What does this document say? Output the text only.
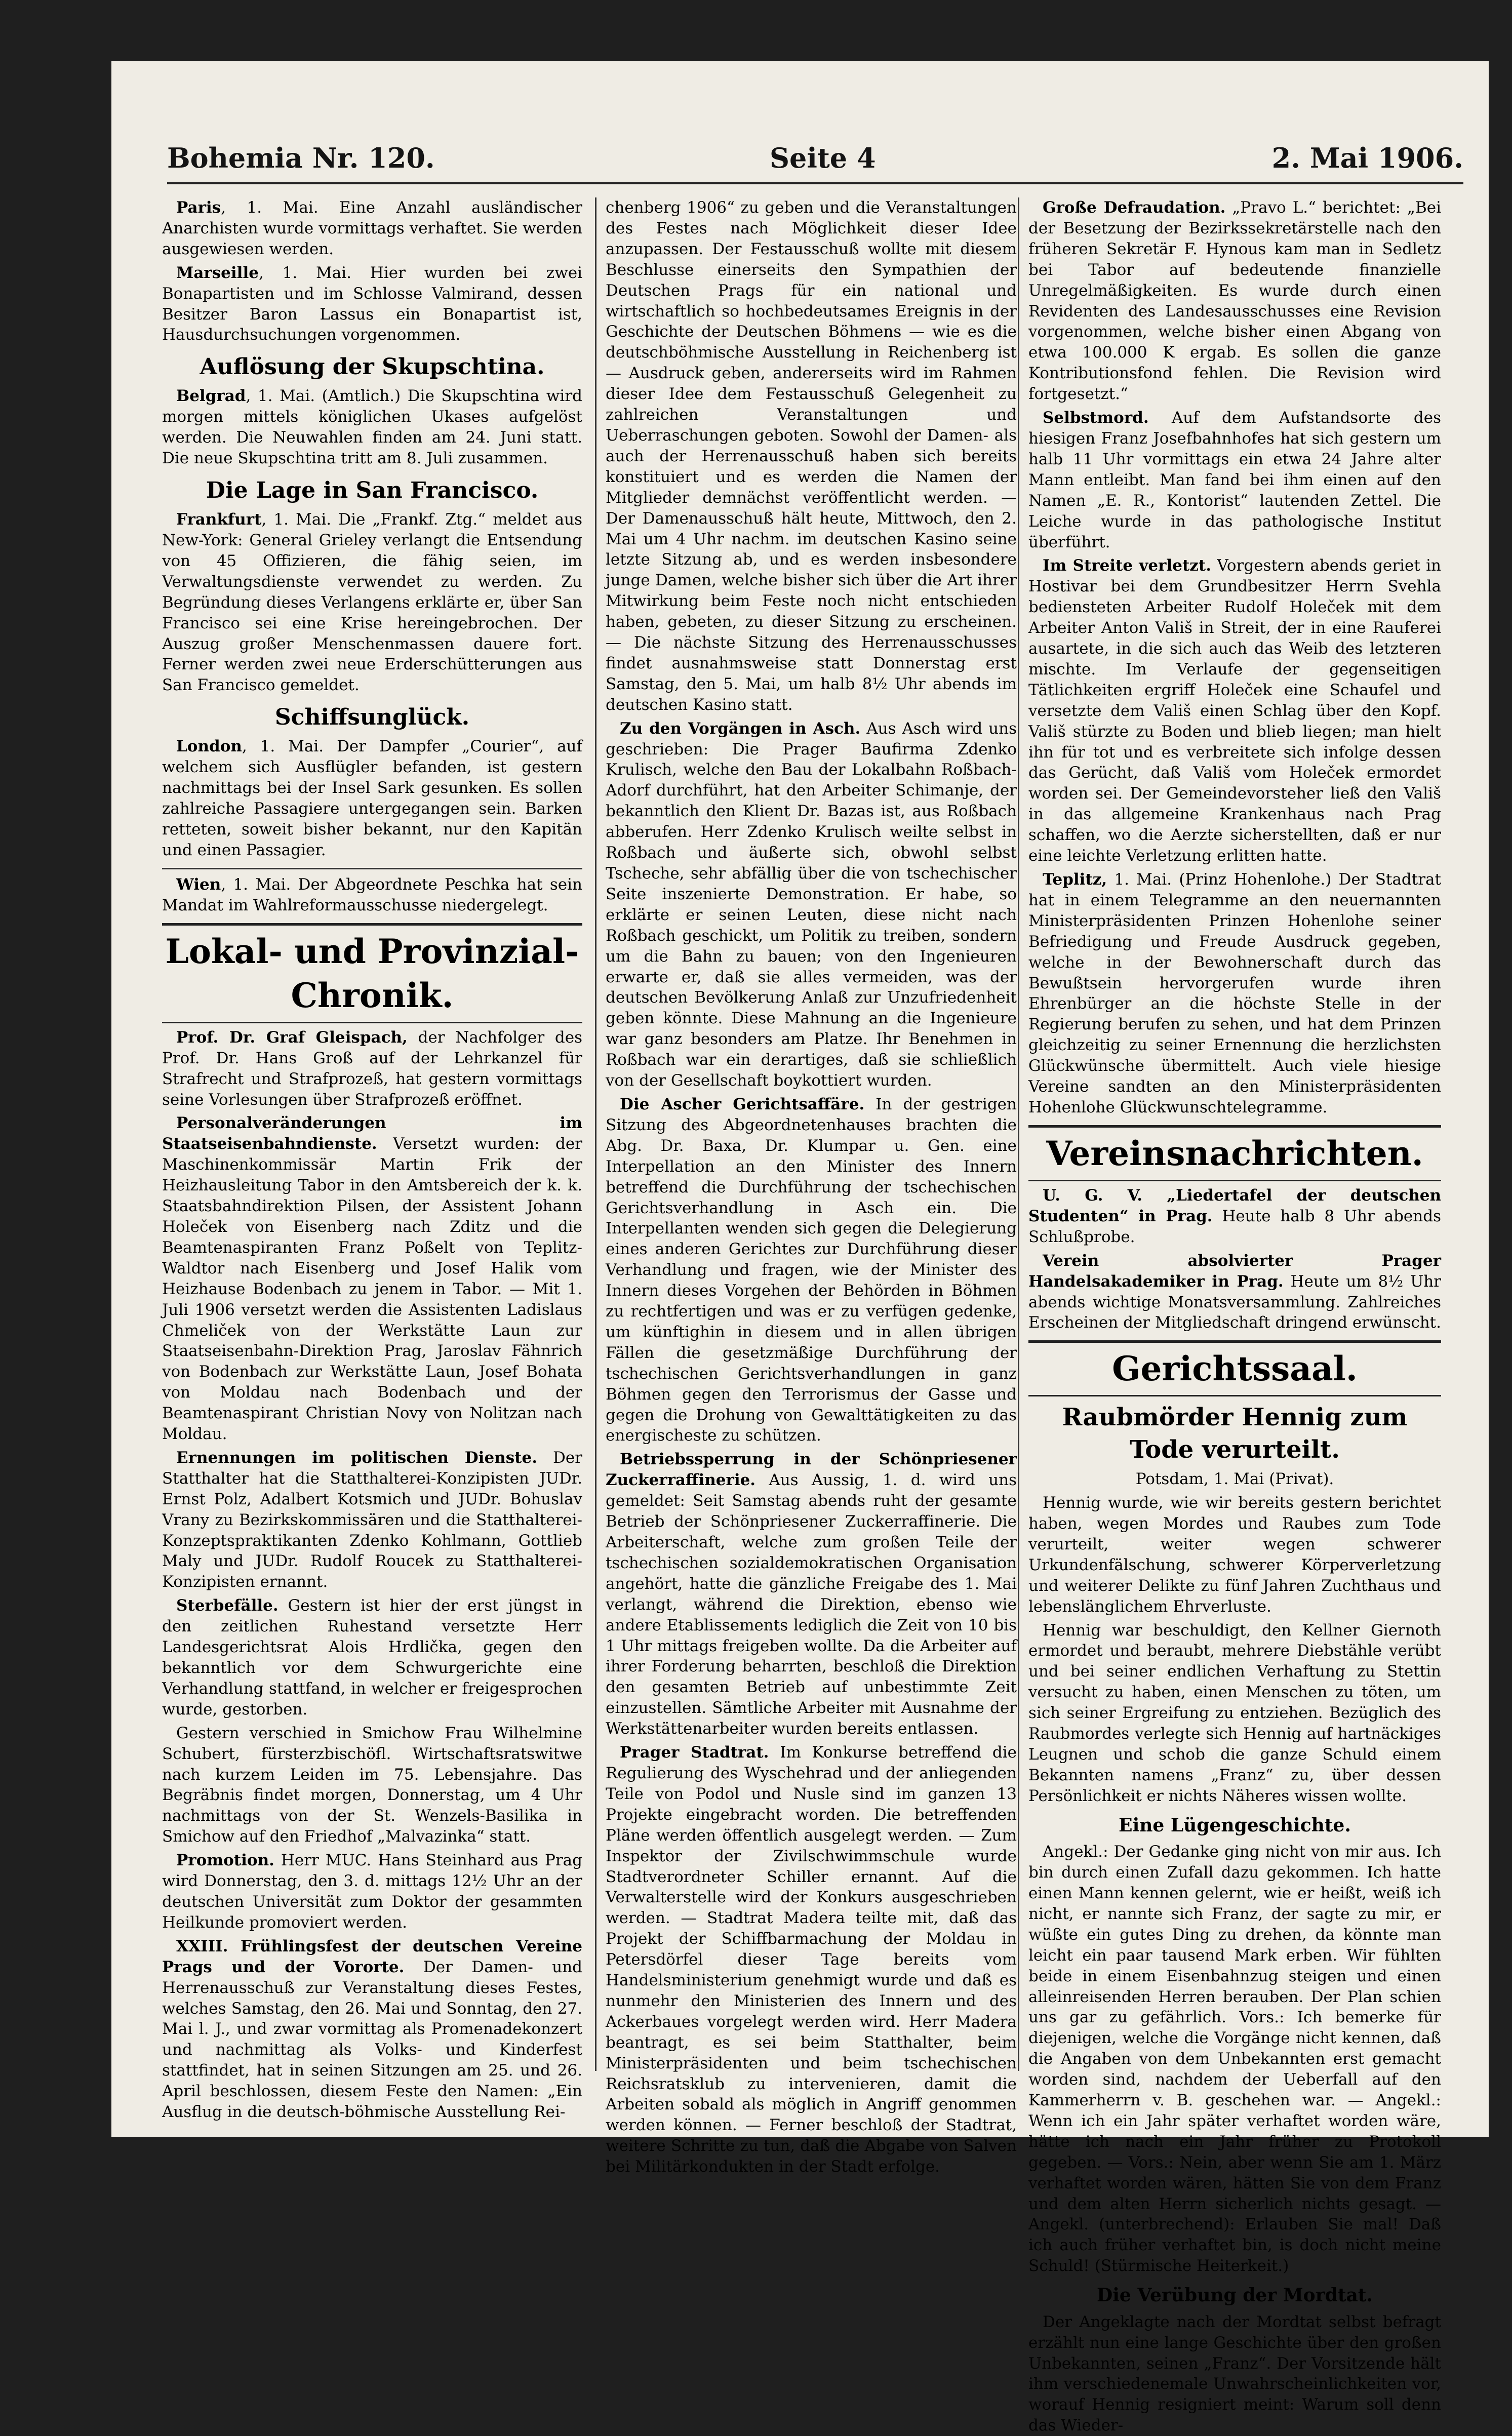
Bohemia Nr. 120.	Seite 4	2. Mai 1906.

Paris, 1. Mai. Eine Anzahl ausländischer Anarchisten wurde vormittags verhaftet. Sie werden ausgewiesen werden.

Marseille, 1. Mai. Hier wurden bei zwei Bonapartisten und im Schlosse Valmirand, dessen Besitzer Baron Lassus ein Bonapartist ist, Hausdurchsuchungen vorgenommen.

Auflösung der Skupschtina.

Belgrad, 1. Mai. (Amtlich.) Die Skupschtina wird morgen mittels königlichen Ukases aufgelöst werden. Die Neuwahlen finden am 24. Juni statt. Die neue Skupschtina tritt am 8. Juli zusammen.

Die Lage in San Francisco.

Frankfurt, 1. Mai. Die „Frankf. Ztg.“ meldet aus New-York: General Grieley verlangt die Entsendung von 45 Offizieren, die fähig seien, im Verwaltungsdienste verwendet zu werden. Zu Begründung dieses Verlangens erklärte er, über San Francisco sei eine Krise hereingebrochen. Der Auszug großer Menschenmassen dauere fort. Ferner werden zwei neue Erderschütterungen aus San Francisco gemeldet.

Schiffsunglück.

London, 1. Mai. Der Dampfer „Courier“, auf welchem sich Ausflügler befanden, ist gestern nachmittags bei der Insel Sark gesunken. Es sollen zahlreiche Passagiere untergegangen sein. Barken retteten, soweit bisher bekannt, nur den Kapitän und einen Passagier.

Wien, 1. Mai. Der Abgeordnete Peschka hat sein Mandat im Wahlreformausschusse niedergelegt.

Lokal- und Provinzial-Chronik.

Prof. Dr. Graf Gleispach, der Nachfolger des Prof. Dr. Hans Groß auf der Lehrkanzel für Strafrecht und Strafprozeß, hat gestern vormittags seine Vorlesungen über Strafprozeß eröffnet.

Personalveränderungen im Staatseisenbahndienste. Versetzt wurden: der Maschinenkommissär Martin Frik der Heizhausleitung Tabor in den Amtsbereich der k. k. Staatsbahndirektion Pilsen, der Assistent Johann Holeček von Eisenberg nach Zditz und die Beamtenaspiranten Franz Poßelt von Teplitz-Waldtor nach Eisenberg und Josef Halik vom Heizhause Bodenbach zu jenem in Tabor. — Mit 1. Juli 1906 versetzt werden die Assistenten Ladislaus Chmeliček von der Werkstätte Laun zur Staatseisenbahn-Direktion Prag, Jaroslav Fähnrich von Bodenbach zur Werkstätte Laun, Josef Bohata von Moldau nach Bodenbach und der Beamtenaspirant Christian Novy von Nolitzan nach Moldau.

Ernennungen im politischen Dienste. Der Statthalter hat die Statthalterei-Konzipisten JUDr. Ernst Polz, Adalbert Kotsmich und JUDr. Bohuslav Vrany zu Bezirkskommissären und die Statthalterei-Konzeptspraktikanten Zdenko Kohlmann, Gottlieb Maly und JUDr. Rudolf Roucek zu Statthalterei-Konzipisten ernannt.

Sterbefälle. Gestern ist hier der erst jüngst in den zeitlichen Ruhestand versetzte Herr Landesgerichtsrat Alois Hrdlička, gegen den bekanntlich vor dem Schwurgerichte eine Verhandlung stattfand, in welcher er freigesprochen wurde, gestorben.

Gestern verschied in Smichow Frau Wilhelmine Schubert, fürsterzbischöfl. Wirtschaftsratswitwe nach kurzem Leiden im 75. Lebensjahre. Das Begräbnis findet morgen, Donnerstag, um 4 Uhr nachmittags von der St. Wenzels-Basilika in Smichow auf den Friedhof „Malvazinka“ statt.

Promotion. Herr MUC. Hans Steinhard aus Prag wird Donnerstag, den 3. d. mittags 12½ Uhr an der deutschen Universität zum Doktor der gesammten Heilkunde promoviert werden.

XXIII. Frühlingsfest der deutschen Vereine Prags und der Vororte. Der Damen- und Herrenausschuß zur Veranstaltung dieses Festes, welches Samstag, den 26. Mai und Sonntag, den 27. Mai l. J., und zwar vormittag als Promenadekonzert und nachmittag als Volks- und Kinderfest stattfindet, hat in seinen Sitzungen am 25. und 26. April beschlossen, diesem Feste den Namen: „Ein Ausflug in die deutsch-böhmische Ausstellung Rei-

chenberg 1906“ zu geben und die Veranstaltungen des Festes nach Möglichkeit dieser Idee anzupassen. Der Festausschuß wollte mit diesem Beschlusse einerseits den Sympathien der Deutschen Prags für ein national und wirtschaftlich so hochbedeutsames Ereignis in der Geschichte der Deutschen Böhmens — wie es die deutschböhmische Ausstellung in Reichenberg ist — Ausdruck geben, andererseits wird im Rahmen dieser Idee dem Festausschuß Gelegenheit zu zahlreichen Veranstaltungen und Ueberraschungen geboten. Sowohl der Damen- als auch der Herrenausschuß haben sich bereits konstituiert und es werden die Namen der Mitglieder demnächst veröffentlicht werden. — Der Damenausschuß hält heute, Mittwoch, den 2. Mai um 4 Uhr nachm. im deutschen Kasino seine letzte Sitzung ab, und es werden insbesondere junge Damen, welche bisher sich über die Art ihrer Mitwirkung beim Feste noch nicht entschieden haben, gebeten, zu dieser Sitzung zu erscheinen. — Die nächste Sitzung des Herrenausschusses findet ausnahmsweise statt Donnerstag erst Samstag, den 5. Mai, um halb 8½ Uhr abends im deutschen Kasino statt.

Zu den Vorgängen in Asch. Aus Asch wird uns geschrieben: Die Prager Baufirma Zdenko Krulisch, welche den Bau der Lokalbahn Roßbach-Adorf durchführt, hat den Arbeiter Schimanje, der bekanntlich den Klient Dr. Bazas ist, aus Roßbach abberufen. Herr Zdenko Krulisch weilte selbst in Roßbach und äußerte sich, obwohl selbst Tscheche, sehr abfällig über die von tschechischer Seite inszenierte Demonstration. Er habe, so erklärte er seinen Leuten, diese nicht nach Roßbach geschickt, um Politik zu treiben, sondern um die Bahn zu bauen; von den Ingenieuren erwarte er, daß sie alles vermeiden, was der deutschen Bevölkerung Anlaß zur Unzufriedenheit geben könnte. Diese Mahnung an die Ingenieure war ganz besonders am Platze. Ihr Benehmen in Roßbach war ein derartiges, daß sie schließlich von der Gesellschaft boykottiert wurden.

Die Ascher Gerichtsaffäre. In der gestrigen Sitzung des Abgeordnetenhauses brachten die Abg. Dr. Baxa, Dr. Klumpar u. Gen. eine Interpellation an den Minister des Innern betreffend die Durchführung der tschechischen Gerichtsverhandlung in Asch ein. Die Interpellanten wenden sich gegen die Delegierung eines anderen Gerichtes zur Durchführung dieser Verhandlung und fragen, wie der Minister des Innern dieses Vorgehen der Behörden in Böhmen zu rechtfertigen und was er zu verfügen gedenke, um künftighin in diesem und in allen übrigen Fällen die gesetzmäßige Durchführung der tschechischen Gerichtsverhandlungen in ganz Böhmen gegen den Terrorismus der Gasse und gegen die Drohung von Gewalttätigkeiten zu das energischeste zu schützen.

Betriebssperrung in der Schönpriesener Zuckerraffinerie. Aus Aussig, 1. d. wird uns gemeldet: Seit Samstag abends ruht der gesamte Betrieb der Schönpriesener Zuckerraffinerie. Die Arbeiterschaft, welche zum großen Teile der tschechischen sozialdemokratischen Organisation angehört, hatte die gänzliche Freigabe des 1. Mai verlangt, während die Direktion, ebenso wie andere Etablissements lediglich die Zeit von 10 bis 1 Uhr mittags freigeben wollte. Da die Arbeiter auf ihrer Forderung beharrten, beschloß die Direktion den gesamten Betrieb auf unbestimmte Zeit einzustellen. Sämtliche Arbeiter mit Ausnahme der Werkstättenarbeiter wurden bereits entlassen.

Prager Stadtrat. Im Konkurse betreffend die Regulierung des Wyschehrad und der anliegenden Teile von Podol und Nusle sind im ganzen 13 Projekte eingebracht worden. Die betreffenden Pläne werden öffentlich ausgelegt werden. — Zum Inspektor der Zivilschwimmschule wurde Stadtverordneter Schiller ernannt. Auf die Verwalterstelle wird der Konkurs ausgeschrieben werden. — Stadtrat Madera teilte mit, daß das Projekt der Schiffbarmachung der Moldau in Petersdörfel dieser Tage bereits vom Handelsministerium genehmigt wurde und daß es nunmehr den Ministerien des Innern und des Ackerbaues vorgelegt werden wird. Herr Madera beantragt, es sei beim Statthalter, beim Ministerpräsidenten und beim tschechischen Reichsratsklub zu intervenieren, damit die Arbeiten sobald als möglich in Angriff genommen werden können. — Ferner beschloß der Stadtrat, weitere Schritte zu tun, daß die Abgabe von Salven bei Militärkondukten in der Stadt erfolge.

Große Defraudation. „Pravo L.“ berichtet: „Bei der Besetzung der Bezirkssekretärstelle nach den früheren Sekretär F. Hynous kam man in Sedletz bei Tabor auf bedeutende finanzielle Unregelmäßigkeiten. Es wurde durch einen Revidenten des Landesausschusses eine Revision vorgenommen, welche bisher einen Abgang von etwa 100.000 K ergab. Es sollen die ganze Kontributionsfond fehlen. Die Revision wird fortgesetzt.“

Selbstmord. Auf dem Aufstandsorte des hiesigen Franz Josefbahnhofes hat sich gestern um halb 11 Uhr vormittags ein etwa 24 Jahre alter Mann entleibt. Man fand bei ihm einen auf den Namen „E. R., Kontorist“ lautenden Zettel. Die Leiche wurde in das pathologische Institut überführt.

Im Streite verletzt. Vorgestern abends geriet in Hostivar bei dem Grundbesitzer Herrn Svehla bediensteten Arbeiter Rudolf Holeček mit dem Arbeiter Anton Vališ in Streit, der in eine Rauferei ausartete, in die sich auch das Weib des letzteren mischte. Im Verlaufe der gegenseitigen Tätlichkeiten ergriff Holeček eine Schaufel und versetzte dem Vališ einen Schlag über den Kopf. Vališ stürzte zu Boden und blieb liegen; man hielt ihn für tot und es verbreitete sich infolge dessen das Gerücht, daß Vališ vom Holeček ermordet worden sei. Der Gemeindevorsteher ließ den Vališ in das allgemeine Krankenhaus nach Prag schaffen, wo die Aerzte sicherstellten, daß er nur eine leichte Verletzung erlitten hatte.

Teplitz, 1. Mai. (Prinz Hohenlohe.) Der Stadtrat hat in einem Telegramme an den neuernannten Ministerpräsidenten Prinzen Hohenlohe seiner Befriedigung und Freude Ausdruck gegeben, welche in der Bewohnerschaft durch das Bewußtsein hervorgerufen wurde ihren Ehrenbürger an die höchste Stelle in der Regierung berufen zu sehen, und hat dem Prinzen gleichzeitig zu seiner Ernennung die herzlichsten Glückwünsche übermittelt. Auch viele hiesige Vereine sandten an den Ministerpräsidenten Hohenlohe Glückwunschtelegramme.

Vereinsnachrichten.

U. G. V. „Liedertafel der deutschen Studenten“ in Prag. Heute halb 8 Uhr abends Schlußprobe.

Verein absolvierter Prager Handelsakademiker in Prag. Heute um 8½ Uhr abends wichtige Monatsversammlung. Zahlreiches Erscheinen der Mitgliedschaft dringend erwünscht.

Gerichtssaal.
Raubmörder Hennig zum Tode verurteilt.
Potsdam, 1. Mai (Privat).

Hennig wurde, wie wir bereits gestern berichtet haben, wegen Mordes und Raubes zum Tode verurteilt, weiter wegen schwerer Urkundenfälschung, schwerer Körperverletzung und weiterer Delikte zu fünf Jahren Zuchthaus und lebenslänglichem Ehrverluste.

Hennig war beschuldigt, den Kellner Giernoth ermordet und beraubt, mehrere Diebstähle verübt und bei seiner endlichen Verhaftung zu Stettin versucht zu haben, einen Menschen zu töten, um sich seiner Ergreifung zu entziehen. Bezüglich des Raubmordes verlegte sich Hennig auf hartnäckiges Leugnen und schob die ganze Schuld einem Bekannten namens „Franz“ zu, über dessen Persönlichkeit er nichts Näheres wissen wollte.

Eine Lügengeschichte.

Angekl.: Der Gedanke ging nicht von mir aus. Ich bin durch einen Zufall dazu gekommen. Ich hatte einen Mann kennen gelernt, wie er heißt, weiß ich nicht, er nannte sich Franz, der sagte zu mir, er wüßte ein gutes Ding zu drehen, da könnte man leicht ein paar tausend Mark erben. Wir fühlten beide in einem Eisenbahnzug steigen und einen alleinreisenden Herren berauben. Der Plan schien uns gar zu gefährlich. Vors.: Ich bemerke für diejenigen, welche die Vorgänge nicht kennen, daß die Angaben von dem Unbekannten erst gemacht worden sind, nachdem der Ueberfall auf den Kammerherrn v. B. geschehen war. — Angekl.: Wenn ich ein Jahr später verhaftet worden wäre, hätte ich nach ein Jahr früher zu Protokoll gegeben. — Vors.: Nein, aber wenn Sie am 1. März verhaftet worden wären, hätten Sie von dem Franz und dem alten Herrn sicherlich nichts gesagt. — Angekl. (unterbrechend): Erlauben Sie mal! Daß ich auch früher verhaftet bin, is doch nicht meine Schuld! (Stürmische Heiterkeit.)

Die Verübung der Mordtat.

Der Angeklagte nach der Mordtat selbst befragt erzählt nun eine lange Geschichte über den großen Unbekannten, seinen „Franz“. Der Vorsitzende hält ihm verschiedenemale Unwahrscheinlichkeiten vor, worauf Hennig resigniert meint: Warum soll denn das Wieder-
